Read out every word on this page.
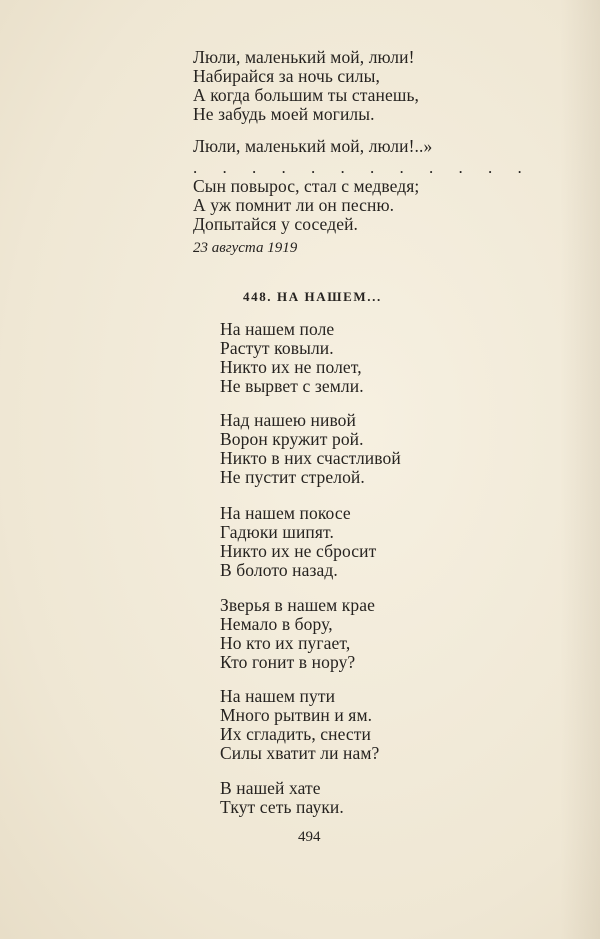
Люли, маленький мой, люли!
Набирайся за ночь силы,
А когда большим ты станешь,
Не забудь моей могилы.
Люли, маленький мой, люли!..»
. . . . . . . . . . . .
Сын повырос, стал с медведя;
А уж помнит ли он песню.
Допытайся у соседей.
23 августа 1919
448. НА НАШЕМ...
На нашем поле
Растут ковыли.
Никто их не полет,
Не вырвет с земли.
Над нашею нивой
Ворон кружит рой.
Никто в них счастливой
Не пустит стрелой.
На нашем покосе
Гадюки шипят.
Никто их не сбросит
В болото назад.
Зверья в нашем крае
Немало в бору,
Но кто их пугает,
Кто гонит в нору?
На нашем пути
Много рытвин и ям.
Их сгладить, снести
Силы хватит ли нам?
В нашей хате
Ткут сеть пауки.
494
